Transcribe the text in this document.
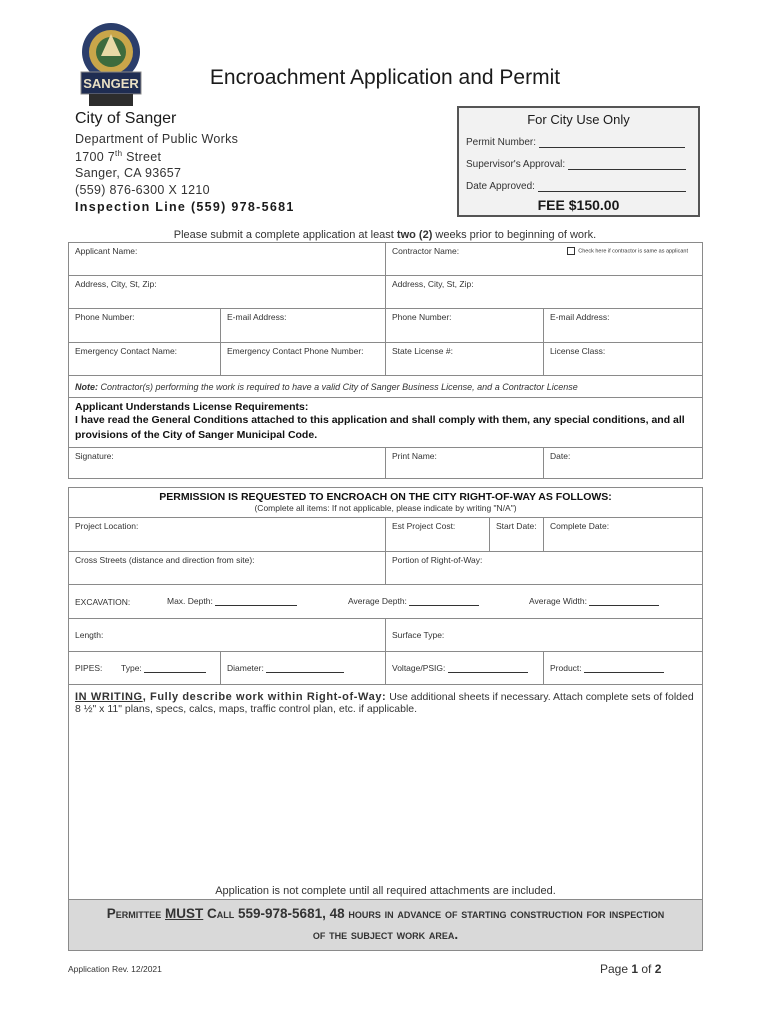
SANGER	Encroachment Application and Permit
City of Sanger
Department of Public Works
1700 7th Street
Sanger, CA 93657
(559) 876-6300 X 1210
Inspection Line (559) 978-5681
For City Use Only
Permit Number:
Supervisor's Approval:
Date Approved:
FEE $150.00
Please submit a complete application at least two (2) weeks prior to beginning of work.
Applicant Name:		Contractor Name: Check here if contractor is same as applicant	

Address, City, St, Zip:		Address, City, St, Zip:	
Phone Number:	E-mail Address:	Phone Number:	E-mail Address:
Emergency Contact Name:	Emergency Contact Phone Number:	State License #:	License Class:
Note: Contractor(s) performing the work is required to have a valid City of Sanger Business License, and a Contractor License			

Applicant Understands License Requirements:
I have read the General Conditions attached to this application and shall comply with them, any special conditions, and all provisions of the City of Sanger Municipal Code.			

Signature:		Print Name:	Date:
PERMISSION IS REQUESTED TO ENCROACH ON THE CITY RIGHT-OF-WAY AS FOLLOWS:
(Complete all items: If not applicable, please indicate by writing "N/A")				

Project Location:		Est Project Cost:	Start Date:	Complete Date:
Cross Streets (distance and direction from site):		Portion of Right-of-Way:		
EXCAVATION: Max. Depth: Average Depth: Average Width:				

Length:		Surface Type:		
PIPES: Type:	Diameter:	Voltage/PSIG:		Product:
IN WRITING, Fully describe work within Right-of-Way: Use additional sheets if necessary. Attach complete sets of folded 8 ½" x 11" plans, specs, calcs, maps, traffic control plan, etc. if applicable.
Application is not complete until all required attachments are included.				

Permittee MUST Call 559-978-5681, 48 hours in advance of starting construction for inspection of the subject work area.				
Application Rev. 12/2021	Page 1 of 2
